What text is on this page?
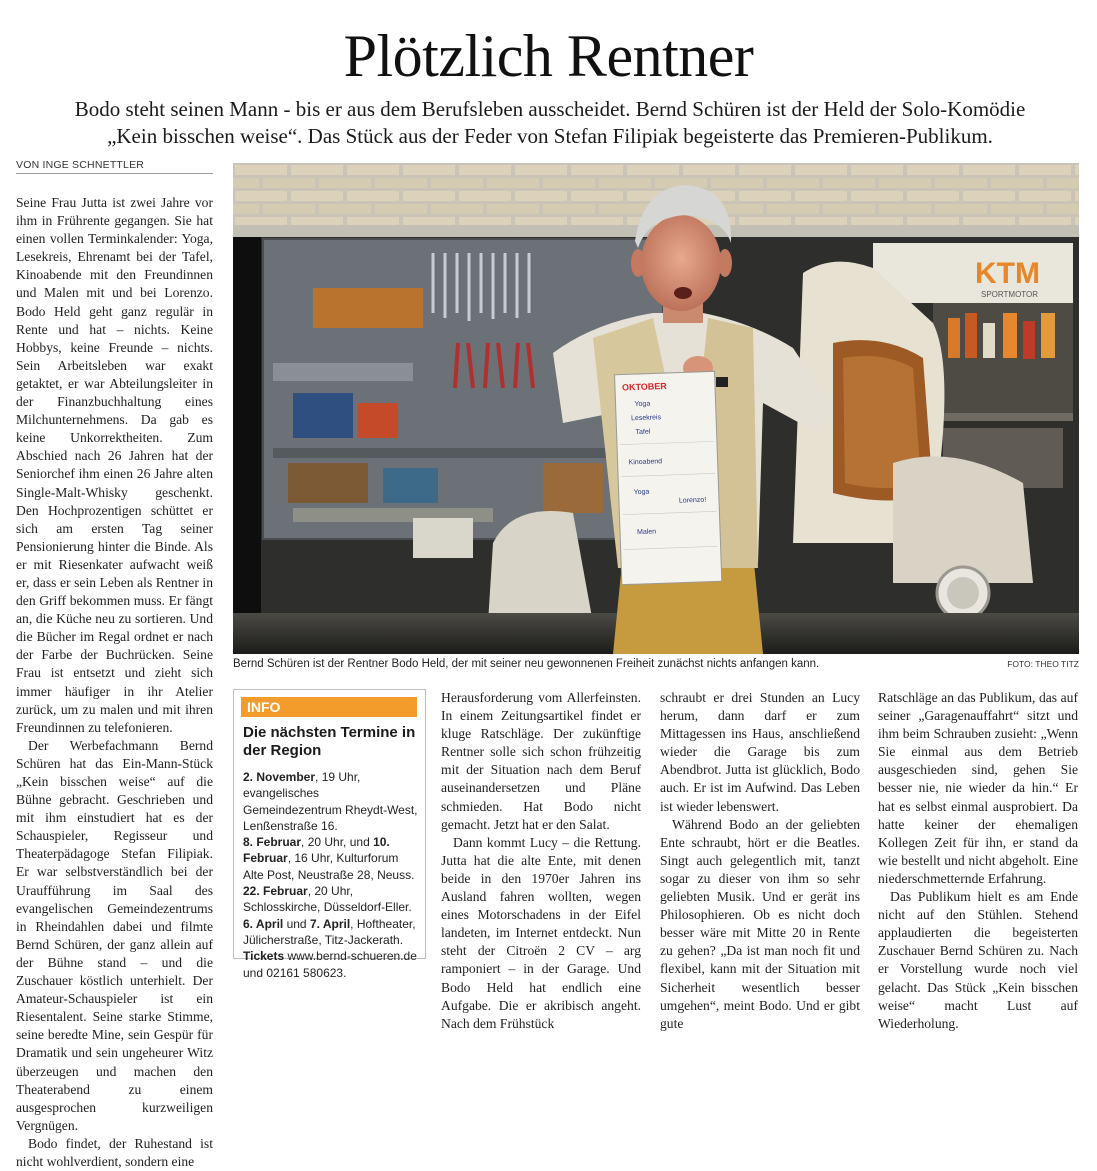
Plötzlich Rentner
Bodo steht seinen Mann - bis er aus dem Berufsleben ausscheidet. Bernd Schüren ist der Held der Solo-Komödie
„Kein bisschen weise“. Das Stück aus der Feder von Stefan Filipiak begeisterte das Premieren-Publikum.
VON INGE SCHNETTLER

Seine Frau Jutta ist zwei Jahre vor ihm in Frührente gegangen. Sie hat einen vollen Terminkalender: Yoga, Lesekreis, Ehrenamt bei der Tafel, Kinoabende mit den Freundinnen und Malen mit und bei Lorenzo. Bodo Held geht ganz regulär in Rente und hat – nichts. Keine Hobbys, keine Freunde – nichts. Sein Arbeitsleben war exakt getaktet, er war Abteilungsleiter in der Finanzbuchhaltung eines Milchunternehmens. Da gab es keine Unkorrektheiten. Zum Abschied nach 26 Jahren hat der Seniorchef ihm einen 26 Jahre alten Single-Malt-Whisky geschenkt. Den Hochprozentigen schüttet er sich am ersten Tag seiner Pensionierung hinter die Binde. Als er mit Riesenkater aufwacht weiß er, dass er sein Leben als Rentner in den Griff bekommen muss. Er fängt an, die Küche neu zu sortieren. Und die Bücher im Regal ordnet er nach der Farbe der Buchrücken. Seine Frau ist entsetzt und zieht sich immer häufiger in ihr Atelier zurück, um zu malen und mit ihren Freundinnen zu telefonieren.

Der Werbefachmann Bernd Schüren hat das Ein-Mann-Stück „Kein bisschen weise“ auf die Bühne gebracht. Geschrieben und mit ihm einstudiert hat es der Schauspieler, Regisseur und Theaterpädagoge Stefan Filipiak. Er war selbstverständlich bei der Uraufführung im Saal des evangelischen Gemeindezentrums in Rheindahlen dabei und filmte Bernd Schüren, der ganz allein auf der Bühne stand – und die Zuschauer köstlich unterhielt. Der Amateur-Schauspieler ist ein Riesentalent. Seine starke Stimme, seine beredte Mine, sein Gespür für Dramatik und sein ungeheurer Witz überzeugen und machen den Theaterabend zu einem ausgesprochen kurzweiligen Vergnügen.

Bodo findet, der Ruhestand ist nicht wohlverdient, sondern eine

KTM
SPORTMOTOR
OKTOBER
Yoga
Lesekreis
Tafel
Kinoabend
Yoga
Lorenzo!
Malen
Bernd Schüren ist der Rentner Bodo Held, der mit seiner neu gewonnenen Freiheit zunächst nichts anfangen kann.	FOTO: THEO TITZ
INFO
Die nächsten Termine in der Region
2. November, 19 Uhr, evangelisches Gemeindezentrum Rheydt-West, Lenßenstraße 16.
8. Februar, 20 Uhr, und 10. Februar, 16 Uhr, Kulturforum Alte Post, Neustraße 28, Neuss.
22. Februar, 20 Uhr, Schlosskirche, Düsseldorf-Eller.
6. April und 7. April, Hoftheater, Jülicherstraße, Titz-Jackerath.
Tickets www.bernd-schueren.de und 02161 580623.

Herausforderung vom Allerfeinsten. In einem Zeitungsartikel findet er kluge Ratschläge. Der zukünftige Rentner solle sich schon frühzeitig mit der Situation nach dem Beruf auseinandersetzen und Pläne schmieden. Hat Bodo nicht gemacht. Jetzt hat er den Salat.

Dann kommt Lucy – die Rettung. Jutta hat die alte Ente, mit denen beide in den 1970er Jahren ins Ausland fahren wollten, wegen eines Motorschadens in der Eifel landeten, im Internet entdeckt. Nun steht der Citroën 2 CV – arg ramponiert – in der Garage. Und Bodo Held hat endlich eine Aufgabe. Die er akribisch angeht. Nach dem Frühstück

schraubt er drei Stunden an Lucy herum, dann darf er zum Mittagessen ins Haus, anschließend wieder die Garage bis zum Abendbrot. Jutta ist glücklich, Bodo auch. Er ist im Aufwind. Das Leben ist wieder lebenswert.

Während Bodo an der geliebten Ente schraubt, hört er die Beatles. Singt auch gelegentlich mit, tanzt sogar zu dieser von ihm so sehr geliebten Musik. Und er gerät ins Philosophieren. Ob es nicht doch besser wäre mit Mitte 20 in Rente zu gehen? „Da ist man noch fit und flexibel, kann mit der Situation mit Sicherheit wesentlich besser umgehen“, meint Bodo. Und er gibt gute

Ratschläge an das Publikum, das auf seiner „Garagenauffahrt“ sitzt und ihm beim Schrauben zusieht: „Wenn Sie einmal aus dem Betrieb ausgeschieden sind, gehen Sie besser nie, nie wieder da hin.“ Er hat es selbst einmal ausprobiert. Da hatte keiner der ehemaligen Kollegen Zeit für ihn, er stand da wie bestellt und nicht abgeholt. Eine niederschmetternde Erfahrung.

Das Publikum hielt es am Ende nicht auf den Stühlen. Stehend applaudierten die begeisterten Zuschauer Bernd Schüren zu. Nach er Vorstellung wurde noch viel gelacht. Das Stück „Kein bisschen weise“ macht Lust auf Wiederholung.
